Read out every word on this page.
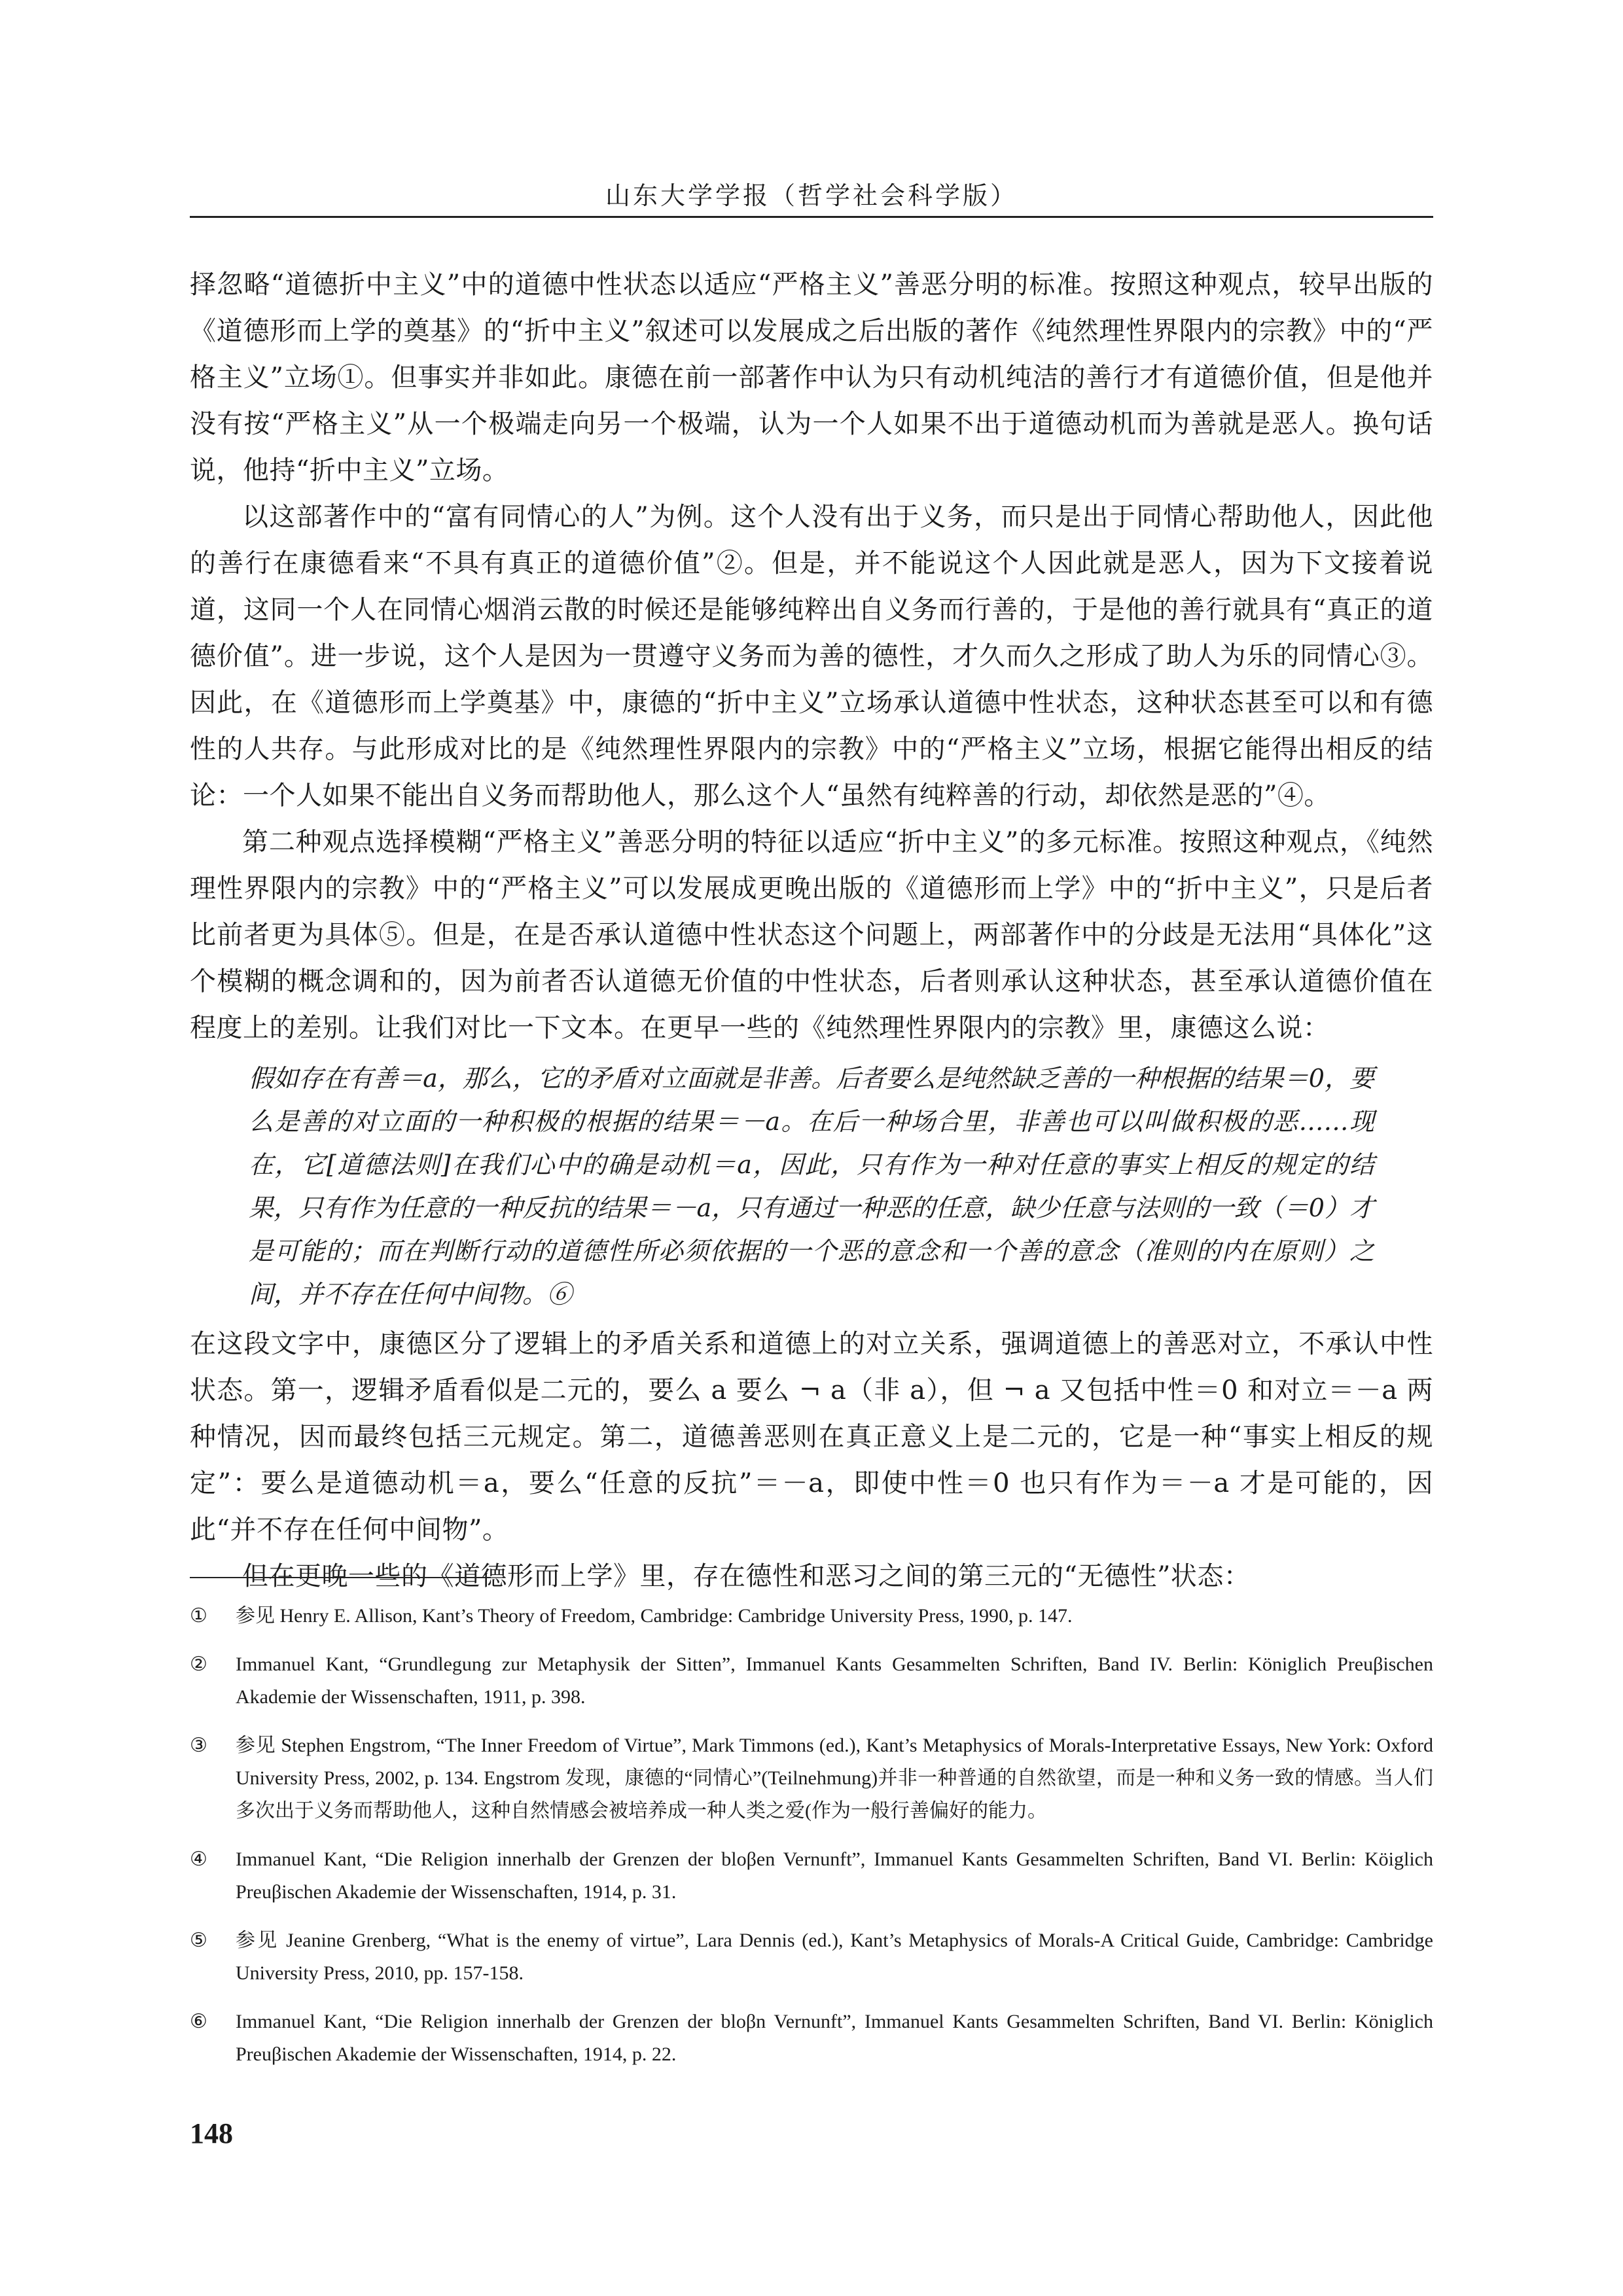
山东大学学报（哲学社会科学版）

择忽略“道德折中主义”中的道德中性状态以适应“严格主义”善恶分明的标准。按照这种观点，较早出版的《道德形而上学的奠基》的“折中主义”叙述可以发展成之后出版的著作《纯然理性界限内的宗教》中的“严格主义”立场①。但事实并非如此。康德在前一部著作中认为只有动机纯洁的善行才有道德价值，但是他并没有按“严格主义”从一个极端走向另一个极端，认为一个人如果不出于道德动机而为善就是恶人。换句话说，他持“折中主义”立场。

以这部著作中的“富有同情心的人”为例。这个人没有出于义务，而只是出于同情心帮助他人，因此他的善行在康德看来“不具有真正的道德价值”②。但是，并不能说这个人因此就是恶人，因为下文接着说道，这同一个人在同情心烟消云散的时候还是能够纯粹出自义务而行善的，于是他的善行就具有“真正的道德价值”。进一步说，这个人是因为一贯遵守义务而为善的德性，才久而久之形成了助人为乐的同情心③。因此，在《道德形而上学奠基》中，康德的“折中主义”立场承认道德中性状态，这种状态甚至可以和有德性的人共存。与此形成对比的是《纯然理性界限内的宗教》中的“严格主义”立场，根据它能得出相反的结论：一个人如果不能出自义务而帮助他人，那么这个人“虽然有纯粹善的行动，却依然是恶的”④。

第二种观点选择模糊“严格主义”善恶分明的特征以适应“折中主义”的多元标准。按照这种观点，《纯然理性界限内的宗教》中的“严格主义”可以发展成更晚出版的《道德形而上学》中的“折中主义”，只是后者比前者更为具体⑤。但是，在是否承认道德中性状态这个问题上，两部著作中的分歧是无法用“具体化”这个模糊的概念调和的，因为前者否认道德无价值的中性状态，后者则承认这种状态，甚至承认道德价值在程度上的差别。让我们对比一下文本。在更早一些的《纯然理性界限内的宗教》里，康德这么说：

假如存在有善＝a，那么，它的矛盾对立面就是非善。后者要么是纯然缺乏善的一种根据的结果＝0，要么是善的对立面的一种积极的根据的结果＝－a。在后一种场合里，非善也可以叫做积极的恶……现在，它[道德法则]在我们心中的确是动机＝a，因此，只有作为一种对任意的事实上相反的规定的结果，只有作为任意的一种反抗的结果＝－a，只有通过一种恶的任意，缺少任意与法则的一致（＝0）才是可能的；而在判断行动的道德性所必须依据的一个恶的意念和一个善的意念（准则的内在原则）之间，并不存在任何中间物。⑥

在这段文字中，康德区分了逻辑上的矛盾关系和道德上的对立关系，强调道德上的善恶对立，不承认中性状态。第一，逻辑矛盾看似是二元的，要么 a 要么 ¬ a（非 a），但 ¬ a 又包括中性＝0 和对立＝－a 两种情况，因而最终包括三元规定。第二，道德善恶则在真正意义上是二元的，它是一种“事实上相反的规定”：要么是道德动机＝a，要么“任意的反抗”＝－a，即使中性＝0 也只有作为＝－a 才是可能的，因此“并不存在任何中间物”。

但在更晚一些的《道德形而上学》里，存在德性和恶习之间的第三元的“无德性”状态：

①	参见 Henry E. Allison, Kant’s Theory of Freedom, Cambridge: Cambridge University Press, 1990, p. 147.
②	Immanuel Kant, “Grundlegung zur Metaphysik der Sitten”, Immanuel Kants Gesammelten Schriften, Band IV. Berlin: Königlich Preuβischen Akademie der Wissenschaften, 1911, p. 398.
③	参见 Stephen Engstrom, “The Inner Freedom of Virtue”, Mark Timmons (ed.), Kant’s Metaphysics of Morals-Interpretative Essays, New York: Oxford University Press, 2002, p. 134. Engstrom 发现，康德的“同情心”(Teilnehmung)并非一种普通的自然欲望，而是一种和义务一致的情感。当人们多次出于义务而帮助他人，这种自然情感会被培养成一种人类之爱(作为一般行善偏好的能力。
④	Immanuel Kant, “Die Religion innerhalb der Grenzen der bloβen Vernunft”, Immanuel Kants Gesammelten Schriften, Band VI. Berlin: Köiglich Preuβischen Akademie der Wissenschaften, 1914, p. 31.
⑤	参见 Jeanine Grenberg, “What is the enemy of virtue”, Lara Dennis (ed.), Kant’s Metaphysics of Morals-A Critical Guide, Cambridge: Cambridge University Press, 2010, pp. 157-158.
⑥	Immanuel Kant, “Die Religion innerhalb der Grenzen der bloβn Vernunft”, Immanuel Kants Gesammelten Schriften, Band VI. Berlin: Königlich Preuβischen Akademie der Wissenschaften, 1914, p. 22.
148
